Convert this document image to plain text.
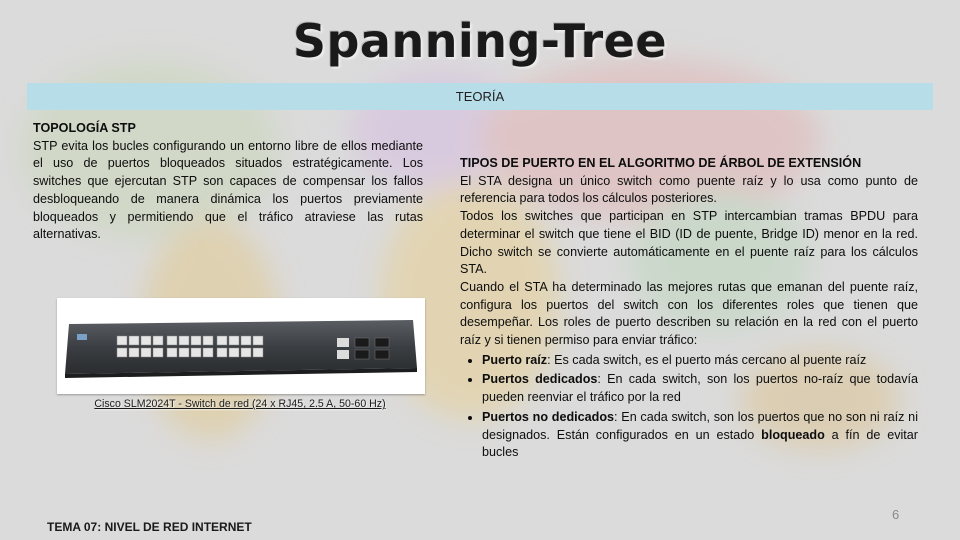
Spanning-Tree
TEORÍA

TOPOLOGÍA STP

STP evita los bucles configurando un entorno libre de ellos mediante el uso de puertos bloqueados situados estratégicamente. Los switches que ejercutan STP son capaces de compensar los fallos desbloqueando de manera dinámica los puertos previamente bloqueados y permitiendo que el tráfico atraviese las rutas alternativas.

Cisco SLM2024T - Switch de red (24 x RJ45, 2.5 A, 50-60 Hz)

TIPOS DE PUERTO EN EL ALGORITMO DE ÁRBOL DE EXTENSIÓN

El STA designa un único switch como puente raíz y lo usa como punto de referencia para todos los cálculos posteriores.

Todos los switches que participan en STP intercambian tramas BPDU para determinar el switch que tiene el BID (ID de puente, Bridge ID) menor en la red. Dicho switch se convierte automáticamente en el puente raíz para los cálculos STA.

Cuando el STA ha determinado las mejores rutas que emanan del puente raíz, configura los puertos del switch con los diferentes roles que tienen que desempeñar. Los roles de puerto describen su relación en la red con el puerto raíz y si tienen permiso para enviar tráfico:

• Puerto raíz: Es cada switch, es el puerto más cercano al puente raíz
• Puertos dedicados: En cada switch, son los puertos no-raíz que todavía pueden reenviar el tráfico por la red
• Puertos no dedicados: En cada switch, son los puertos que no son ni raíz ni designados. Están configurados en un estado bloqueado a fín de evitar bucles
6
TEMA 07: NIVEL DE RED INTERNET
